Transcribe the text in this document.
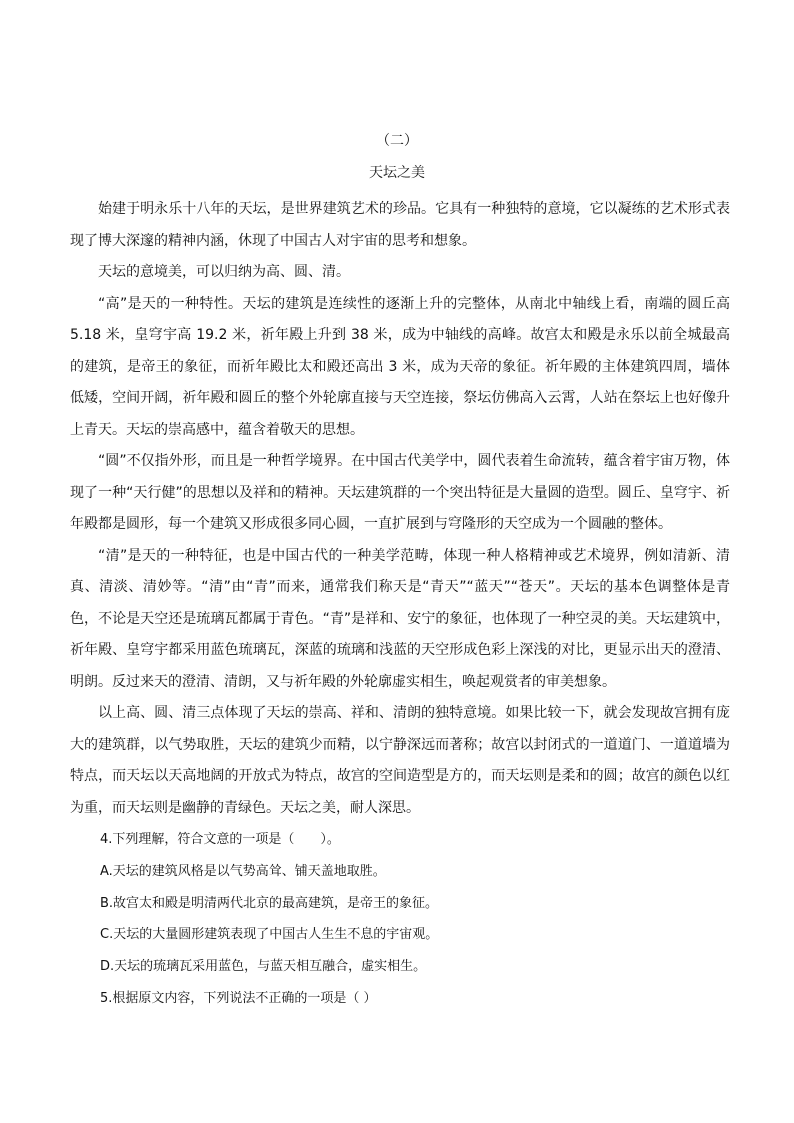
（二）
天坛之美

始建于明永乐十八年的天坛，是世界建筑艺术的珍品。它具有一种独特的意境，它以凝练的艺术形式表现了博大深邃的精神内涵，休现了中国古人对宇宙的思考和想象。

天坛的意境美，可以归纳为高、圆、清。

“高”是天的一种特性。天坛的建筑是连续性的逐渐上升的完整体，从南北中轴线上看，南端的圆丘高 5.18 米，皇穹宇高 19.2 米，祈年殿上升到 38 米，成为中轴线的高峰。故宫太和殿是永乐以前全城最高的建筑，是帝王的象征，而祈年殿比太和殿还高出 3 米，成为天帝的象征。祈年殿的主体建筑四周，墙体低矮，空间开阔，祈年殿和圆丘的整个外轮廓直接与天空连接，祭坛仿佛高入云霄，人站在祭坛上也好像升上青天。天坛的崇高感中，蕴含着敬天的思想。

“圆”不仅指外形，而且是一种哲学境界。在中国古代美学中，圆代表着生命流转，蕴含着宇宙万物，体现了一种“天行健”的思想以及祥和的精神。天坛建筑群的一个突出特征是大量圆的造型。圆丘、皇穹宇、祈年殿都是圆形，每一个建筑又形成很多同心圆，一直扩展到与穹隆形的天空成为一个圆融的整体。

“清”是天的一种特征，也是中国古代的一种美学范畴，体现一种人格精神或艺术境界，例如清新、清真、清淡、清妙等。“清”由“青”而来，通常我们称天是“青天”“蓝天”“苍天”。天坛的基本色调整体是青色，不论是天空还是琉璃瓦都属于青色。“青”是祥和、安宁的象征，也体现了一种空灵的美。天坛建筑中，祈年殿、皇穹宇都采用蓝色琉璃瓦，深蓝的琉璃和浅蓝的天空形成色彩上深浅的对比，更显示出天的澄清、明朗。反过来天的澄清、清朗，又与祈年殿的外轮廓虚实相生，唤起观赏者的审美想象。

以上高、圆、清三点体现了天坛的崇高、祥和、清朗的独特意境。如果比较一下，就会发现故宫拥有庞大的建筑群，以气势取胜，天坛的建筑少而精，以宁静深远而著称；故宫以封闭式的一道道门、一道道墙为特点，而天坛以天高地阔的开放式为特点，故宫的空间造型是方的，而天坛则是柔和的圆；故宫的颜色以红为重，而天坛则是幽静的青绿色。天坛之美，耐人深思。

4.下列理解，符合文意的一项是（　　）。
A.天坛的建筑风格是以气势高耸、铺天盖地取胜。
B.故宫太和殿是明清两代北京的最高建筑，是帝王的象征。
C.天坛的大量圆形建筑表现了中国古人生生不息的宇宙观。
D.天坛的琉璃瓦采用蓝色，与蓝天相互融合，虚实相生。
5.根据原文内容，下列说法不正确的一项是（ ）
